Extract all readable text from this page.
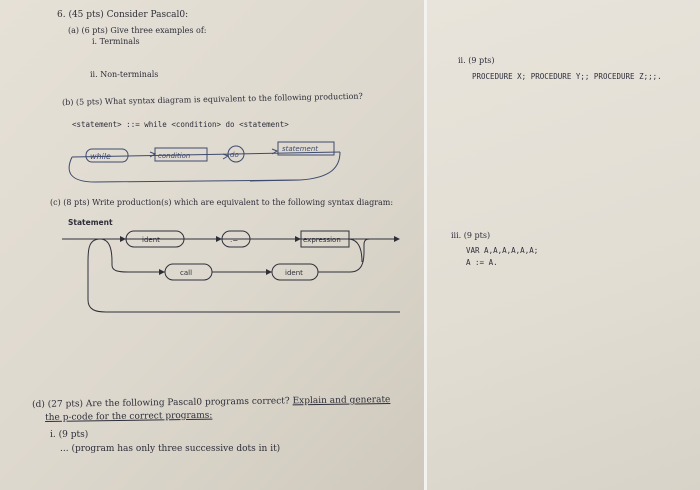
6. (45 pts) Consider Pascal0:
(a) (6 pts) Give three examples of:
i. Terminals
ii. Non-terminals
(b) (5 pts) What syntax diagram is equivalent to the following production?
<statement> ::= while <condition> do <statement>
(c) (8 pts) Write production(s) which are equivalent to the following syntax diagram:
Statement
(d) (27 pts) Are the following Pascal0 programs correct? Explain and generate
the p-code for the correct programs:
i. (9 pts)
... (program has only three successive dots in it)
while	condition	do
statement
ident	:=	expression
call	ident
ii. (9 pts)
PROCEDURE X; PROCEDURE Y;; PROCEDURE Z;;;.
iii. (9 pts)
VAR A,A,A,A,A,A;
A := A.
